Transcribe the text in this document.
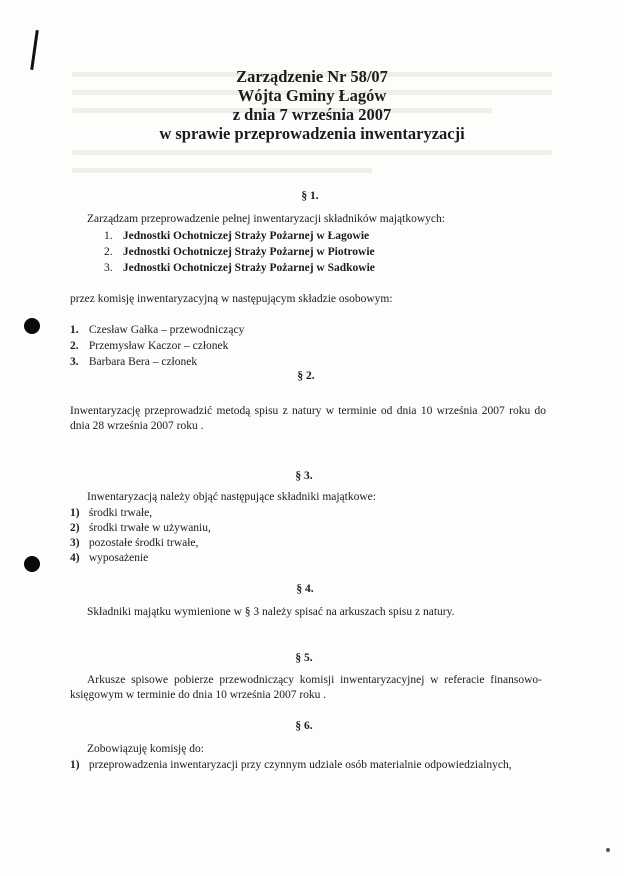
Zarządzenie Nr 58/07
Wójta Gminy Łagów
z dnia 7 września 2007
w sprawie przeprowadzenia inwentaryzacji
§ 1.
Zarządzam przeprowadzenie pełnej inwentaryzacji składników majątkowych:
1. Jednostki Ochotniczej Straży Pożarnej w Łagowie
2. Jednostki Ochotniczej Straży Pożarnej w Piotrowie
3. Jednostki Ochotniczej Straży Pożarnej w Sadkowie
przez komisję inwentaryzacyjną w następującym składzie osobowym:
1. Czesław Gałka – przewodniczący
2. Przemysław Kaczor – członek
3. Barbara Bera – członek
§ 2.
Inwentaryzację przeprowadzić metodą spisu z natury w terminie od dnia 10 września 2007 roku do dnia 28 września 2007 roku .
§ 3.
Inwentaryzacją należy objąć następujące składniki majątkowe:
1) środki trwałe,
2) środki trwałe w używaniu,
3) pozostałe środki trwałe,
4) wyposażenie
§ 4.
Składniki majątku wymienione w § 3 należy spisać na arkuszach spisu z natury.
§ 5.
Arkusze spisowe pobierze przewodniczący komisji inwentaryzacyjnej w referacie finansowo-księgowym w terminie do dnia 10 września 2007 roku .
§ 6.
Zobowiązuję komisję do:
1) przeprowadzenia inwentaryzacji przy czynnym udziale osób materialnie odpowiedzialnych,
